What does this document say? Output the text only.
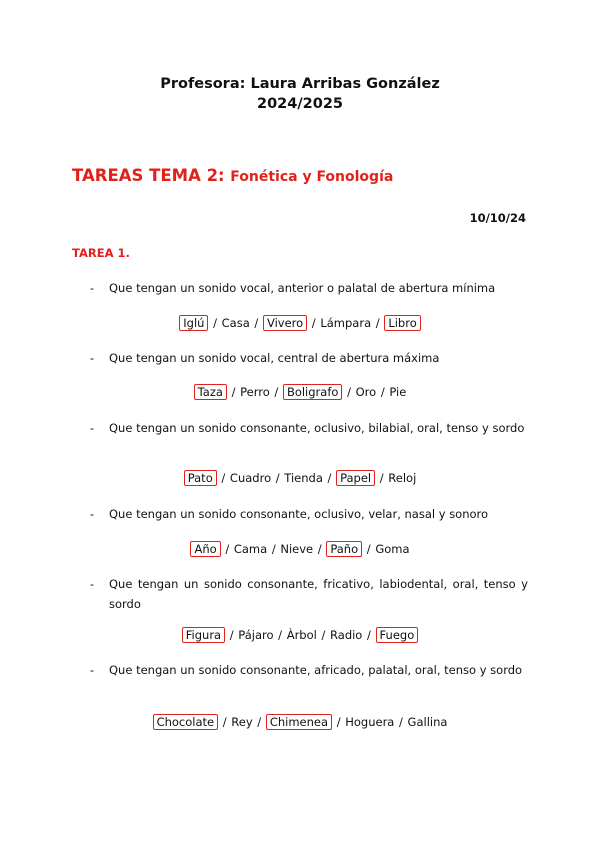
Profesora: Laura Arribas González
2024/2025
TAREAS TEMA 2: Fonética y Fonología
10/10/24
TAREA 1.
- Que tengan un sonido vocal, anterior o palatal de abertura mínima
Iglú / Casa / Vivero / Lámpara / Libro
- Que tengan un sonido vocal, central de abertura máxima
Taza / Perro / Boligrafo / Oro / Pie
- Que tengan un sonido consonante, oclusivo, bilabial, oral, tenso y sordo
Pato / Cuadro / Tienda / Papel / Reloj
- Que tengan un sonido consonante, oclusivo, velar, nasal y sonoro
Año / Cama / Nieve / Paño / Goma
- Que tengan un sonido consonante, fricativo, labiodental, oral, tenso y sordo
Figura / Pájaro / Àrbol / Radio / Fuego
- Que tengan un sonido consonante, africado, palatal, oral, tenso y sordo
Chocolate / Rey / Chimenea / Hoguera / Gallina
